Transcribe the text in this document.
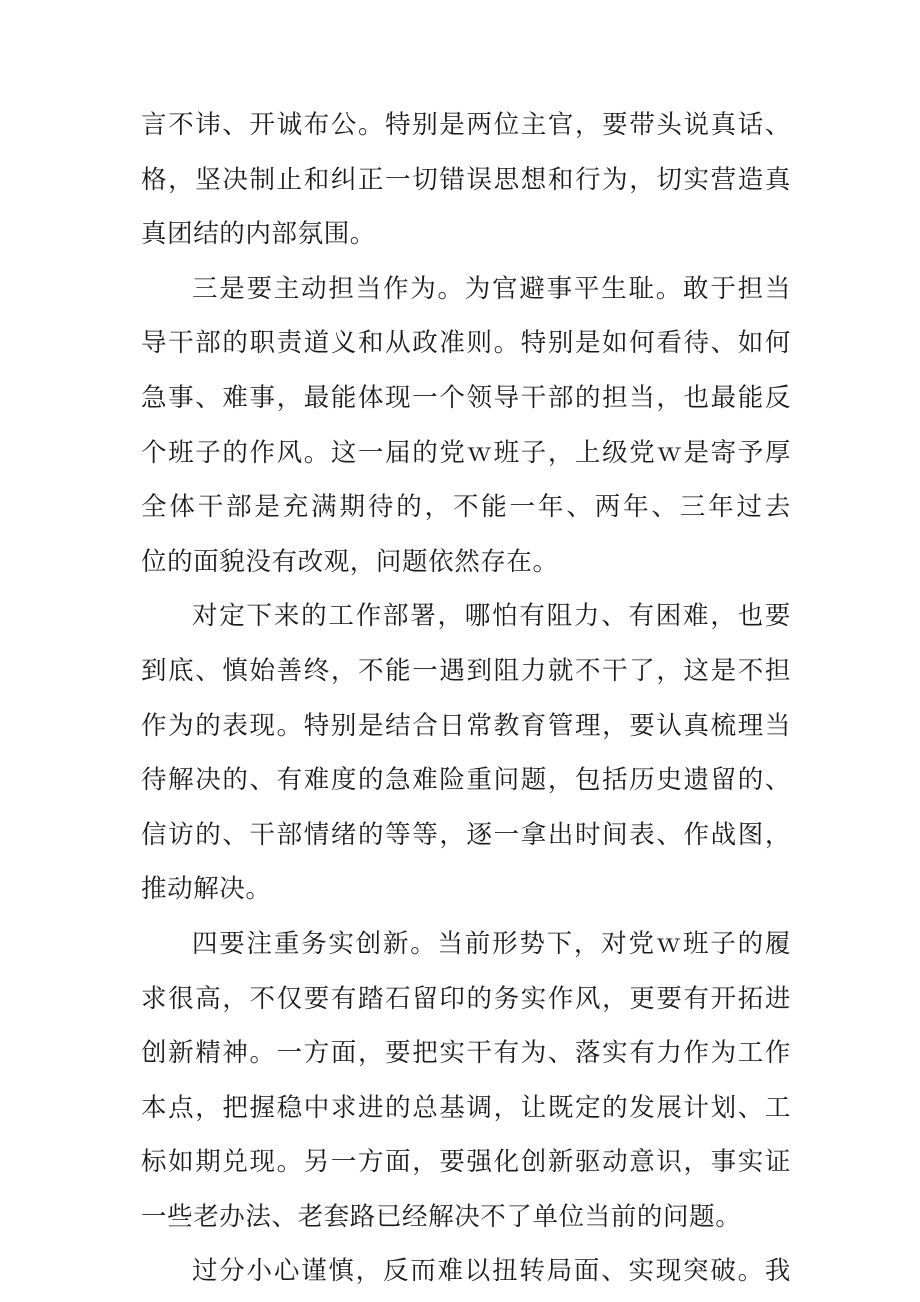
言不讳、开诚布公。特别是两位主官，要带头说真话、
格，坚决制止和纠正一切错误思想和行为，切实营造真
真团结的内部氛围。
三是要主动担当作为。为官避事平生耻。敢于担当
导干部的职责道义和从政准则。特别是如何看待、如何
急事、难事，最能体现一个领导干部的担当，也最能反
个班子的作风。这一届的党ｗ班子，上级党ｗ是寄予厚
全体干部是充满期待的，不能一年、两年、三年过去
位的面貌没有改观，问题依然存在。
对定下来的工作部署，哪怕有阻力、有困难，也要
到底、慎始善终，不能一遇到阻力就不干了，这是不担
作为的表现。特别是结合日常教育管理，要认真梳理当
待解决的、有难度的急难险重问题，包括历史遗留的、
信访的、干部情绪的等等，逐一拿出时间表、作战图，
推动解决。
四要注重务实创新。当前形势下，对党ｗ班子的履
求很高，不仅要有踏石留印的务实作风，更要有开拓进
创新精神。一方面，要把实干有为、落实有力作为工作
本点，把握稳中求进的总基调，让既定的发展计划、工
标如期兑现。另一方面，要强化创新驱动意识，事实证
一些老办法、老套路已经解决不了单位当前的问题。
过分小心谨慎，反而难以扭转局面、实现突破。我
